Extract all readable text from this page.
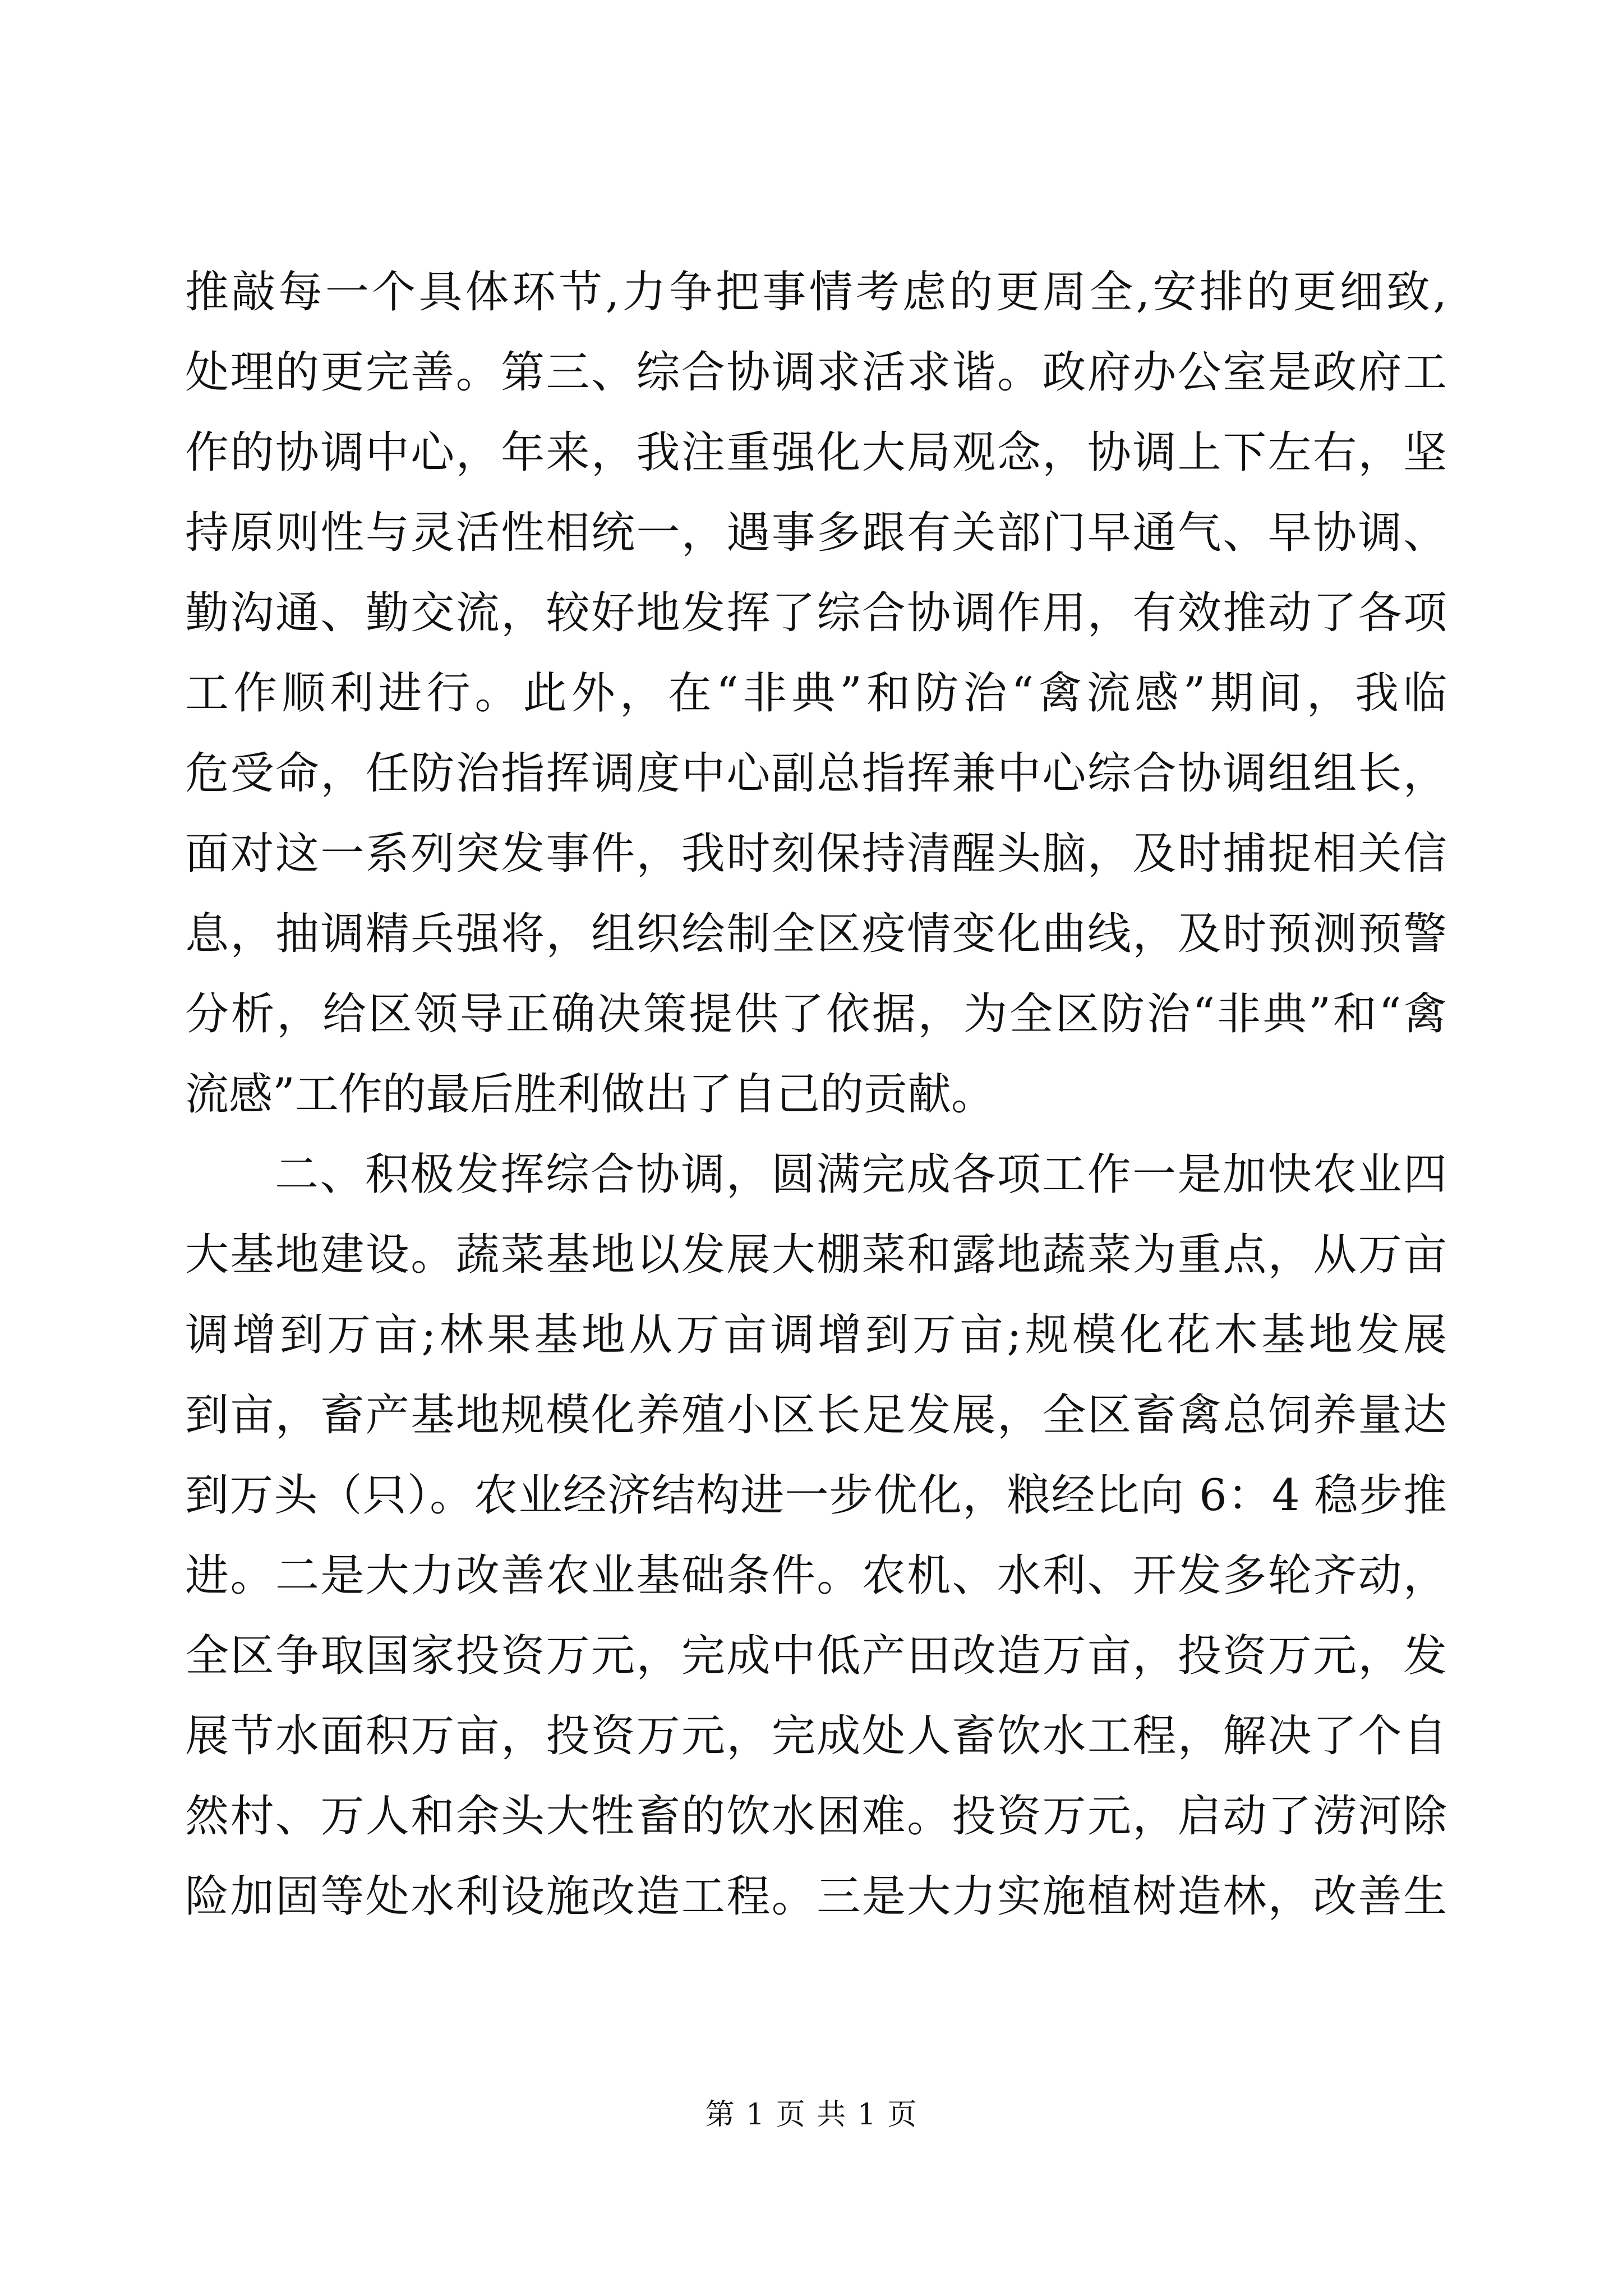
推敲每一个具体环节,力争把事情考虑的更周全,安排的更细致,
处理的更完善。第三、综合协调求活求谐。政府办公室是政府工
作的协调中心，年来，我注重强化大局观念，协调上下左右，坚
持原则性与灵活性相统一，遇事多跟有关部门早通气、早协调、
勤沟通、勤交流，较好地发挥了综合协调作用，有效推动了各项
工作顺利进行。此外，在“非典”和防治“禽流感”期间，我临
危受命，任防治指挥调度中心副总指挥兼中心综合协调组组长，
面对这一系列突发事件，我时刻保持清醒头脑，及时捕捉相关信
息，抽调精兵强将，组织绘制全区疫情变化曲线，及时预测预警
分析，给区领导正确决策提供了依据，为全区防治“非典”和“禽
流感”工作的最后胜利做出了自己的贡献。
二、积极发挥综合协调，圆满完成各项工作一是加快农业四
大基地建设。蔬菜基地以发展大棚菜和露地蔬菜为重点，从万亩
调增到万亩;林果基地从万亩调增到万亩;规模化花木基地发展
到亩，畜产基地规模化养殖小区长足发展，全区畜禽总饲养量达
到万头（只）。农业经济结构进一步优化，粮经比向 6：4 稳步推
进。二是大力改善农业基础条件。农机、水利、开发多轮齐动，
全区争取国家投资万元，完成中低产田改造万亩，投资万元，发
展节水面积万亩，投资万元，完成处人畜饮水工程，解决了个自
然村、万人和余头大牲畜的饮水困难。投资万元，启动了涝河除
险加固等处水利设施改造工程。三是大力实施植树造林，改善生
第 1 页 共 1 页
